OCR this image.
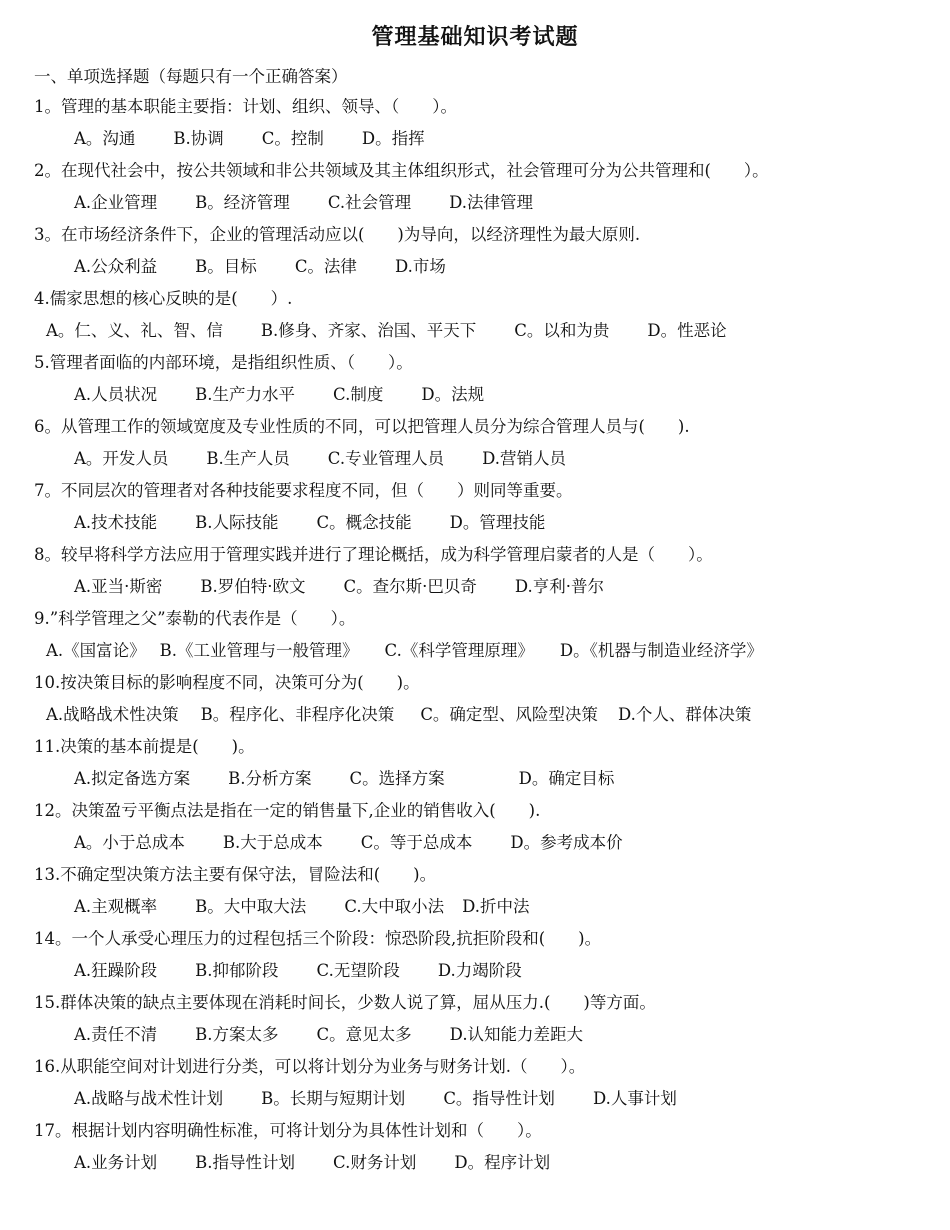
管理基础知识考试题
一、单项选择题（每题只有一个正确答案）
1。管理的基本职能主要指：计划、组织、领导、（　　）。
A。沟通 B.协调 C。控制 D。指挥
2。在现代社会中，按公共领域和非公共领域及其主体组织形式，社会管理可分为公共管理和(　　）。
A.企业管理 B。经济管理 C.社会管理 D.法律管理
3。在市场经济条件下，企业的管理活动应以(　　)为导向，以经济理性为最大原则.
A.公众利益 B。目标 C。法律 D.市场
4.儒家思想的核心反映的是(　　）.
A。仁、义、礼、智、信 B.修身、齐家、治国、平天下 C。以和为贵 D。性恶论
5.管理者面临的内部环境，是指组织性质、（　　）。
A.人员状况 B.生产力水平 C.制度 D。法规
6。从管理工作的领域宽度及专业性质的不同，可以把管理人员分为综合管理人员与(　　).
A。开发人员 B.生产人员 C.专业管理人员 D.营销人员
7。不同层次的管理者对各种技能要求程度不同，但（　　）则同等重要。
A.技术技能 B.人际技能 C。概念技能 D。管理技能
8。较早将科学方法应用于管理实践并进行了理论概括，成为科学管理启蒙者的人是（　　）。
A.亚当·斯密 B.罗伯特·欧文 C。查尔斯·巴贝奇 D.亨利·普尔
9.”科学管理之父”泰勒的代表作是（　　）。
A.《国富论》 B.《工业管理与一般管理》 C.《科学管理原理》 D。《机器与制造业经济学》
10.按决策目标的影响程度不同，决策可分为(　　)。
A.战略战术性决策 B。程序化、非程序化决策 C。确定型、风险型决策 D.个人、群体决策
11.决策的基本前提是(　　)。
A.拟定备选方案 B.分析方案 C。选择方案	D。确定目标
12。决策盈亏平衡点法是指在一定的销售量下,企业的销售收入(　　).
A。小于总成本 B.大于总成本 C。等于总成本 D。参考成本价
13.不确定型决策方法主要有保守法，冒险法和(　　)。
A.主观概率 B。大中取大法 C.大中取小法 D.折中法
14。一个人承受心理压力的过程包括三个阶段：惊恐阶段,抗拒阶段和(　　)。
A.狂躁阶段 B.抑郁阶段 C.无望阶段 D.力竭阶段
15.群体决策的缺点主要体现在消耗时间长，少数人说了算，屈从压力.(　　)等方面。
A.责任不清 B.方案太多 C。意见太多 D.认知能力差距大
16.从职能空间对计划进行分类，可以将计划分为业务与财务计划.（　　）。
A.战略与战术性计划 B。长期与短期计划 C。指导性计划 D.人事计划
17。根据计划内容明确性标准，可将计划分为具体性计划和（　　）。
A.业务计划 B.指导性计划 C.财务计划 D。程序计划
